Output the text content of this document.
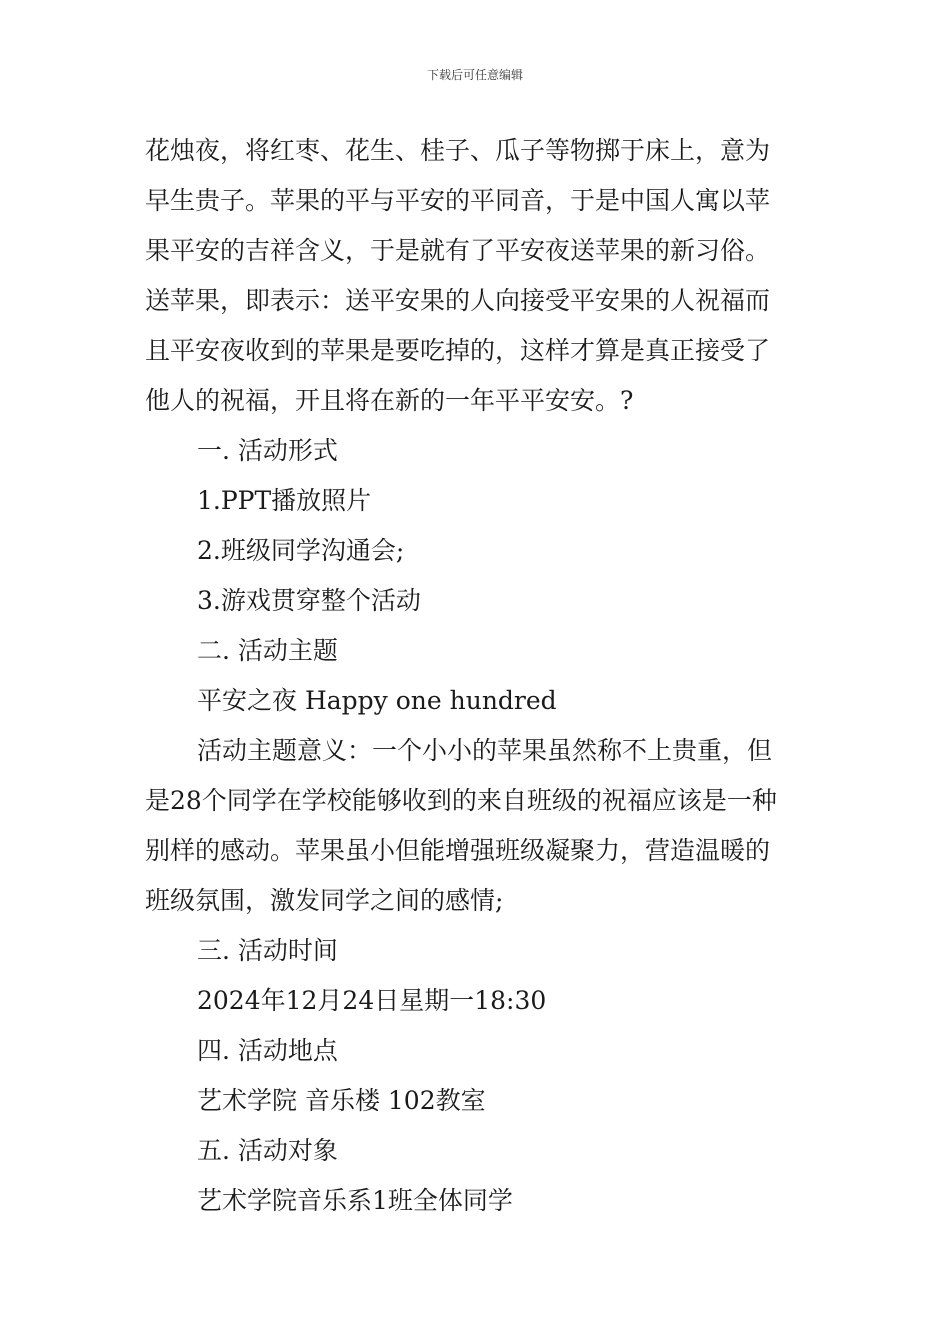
下载后可任意编辑
花烛夜，将红枣、花生、桂子、瓜子等物掷于床上，意为
早生贵子。苹果的平与平安的平同音，于是中国人寓以苹
果平安的吉祥含义，于是就有了平安夜送苹果的新习俗。
送苹果，即表示：送平安果的人向接受平安果的人祝福而
且平安夜收到的苹果是要吃掉的，这样才算是真正接受了
他人的祝福，开且将在新的一年平平安安。?
一. 活动形式
1.PPT播放照片
2.班级同学沟通会;
3.游戏贯穿整个活动
二. 活动主题
平安之夜 Happy one hundred
活动主题意义：一个小小的苹果虽然称不上贵重，但
是28个同学在学校能够收到的来自班级的祝福应该是一种
别样的感动。苹果虽小但能增强班级凝聚力，营造温暖的
班级氛围，激发同学之间的感情;
三. 活动时间
2024年12月24日星期一18:30
四. 活动地点
艺术学院 音乐楼 102教室
五. 活动对象
艺术学院音乐系1班全体同学
